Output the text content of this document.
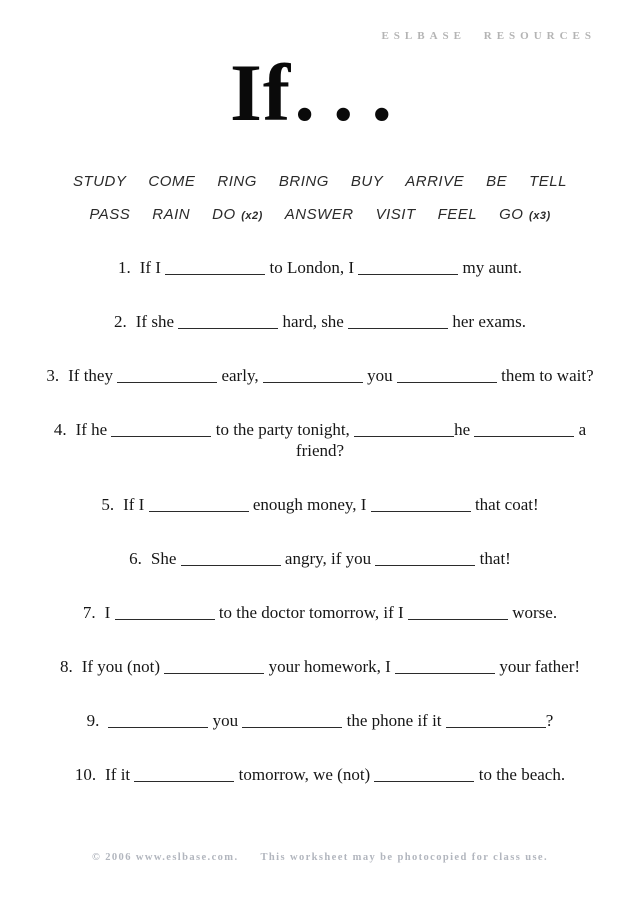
ESLBASE RESOURCES
If...
STUDY COME RING BRING BUY ARRIVE BE TELL
PASS RAIN DO (x2) ANSWER VISIT FEEL GO (x3)
1. If I	to London, I	my aunt.
2. If she	hard, she	her exams.
3. If they	early,	you	them to wait?
4. If he	to the party tonight,	he	a
friend?
5. If I	enough money, I	that coat!
6. She	angry, if you	that!
7. I	to the doctor tomorrow, if I	worse.
8. If you (not)	your homework, I	your father!
9.	you	the phone if it	?
10. If it	tomorrow, we (not)	to the beach.
© 2006 www.eslbase.com. This worksheet may be photocopied for class use.
